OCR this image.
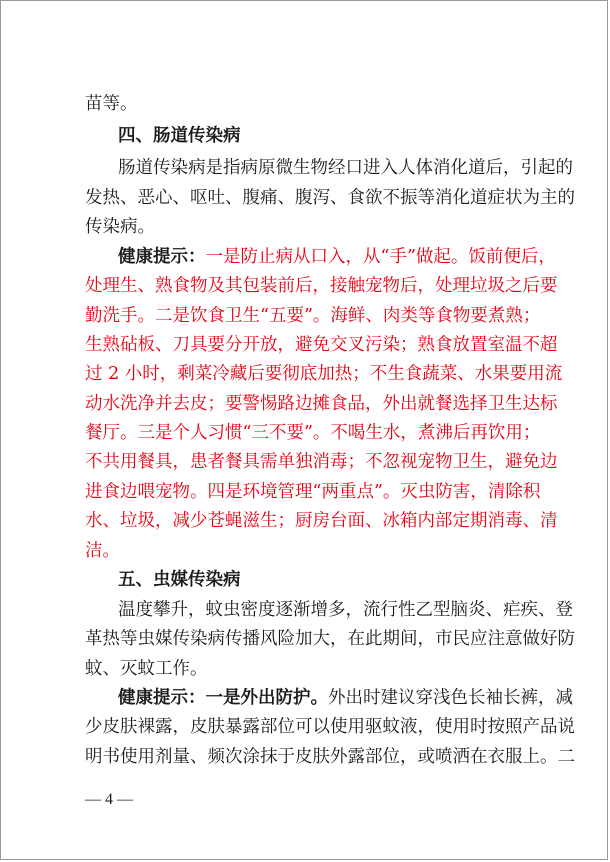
苗等。
四、肠道传染病
肠 道 传 染 病 是 指 病 原 微 生 物 经 口 进 入 人 体 消 化 道 后 ， 引 起 的
发 热 、 恶 心 、 呕 吐 、 腹 痛 、 腹 泻 、 食 欲 不 振 等 消 化 道 症 状 为 主 的
传染病。
健康提示： 一 是 防 止 病 从 口 入 ， 从 “ 手 ” 做 起 。 饭 前 便 后 ，
处 理 生 、 熟 食 物 及 其 包 装 前 后 ， 接 触 宠 物 后 ， 处 理 垃 圾 之 后 要
勤 洗 手 。 二 是 饮 食 卫 生 “ 五 要 ” 。 海 鲜 、 肉 类 等 食 物 要 煮 熟 ；
生 熟 砧 板 、 刀 具 要 分 开 放 ， 避 免 交 叉 污 染 ； 熟 食 放 置 室 温 不 超
过
2
小 时 ， 剩 菜 冷 藏 后 要 彻 底 加 热 ； 不 生 食 蔬 菜 、 水 果 要 用 流
动 水 洗 净 并 去 皮 ； 要 警 惕 路 边 摊 食 品 ， 外 出 就 餐 选 择 卫 生 达 标
餐 厅 。 三 是 个 人 习 惯 “ 三 不 要 ” 。 不 喝 生 水 ， 煮 沸 后 再 饮 用 ；
不 共 用 餐 具 ， 患 者 餐 具 需 单 独 消 毒 ； 不 忽 视 宠 物 卫 生 ， 避 免 边
进 食 边 喂 宠 物 。 四 是 环 境 管 理 “ 两 重 点 ” 。 灭 虫 防 害 ， 清 除 积
水 、 垃 圾 ， 减 少 苍 蝇 滋 生 ； 厨 房 台 面 、 冰 箱 内 部 定 期 消 毒 、 清
洁。
五、虫媒传染病
温 度 攀 升 ， 蚊 虫 密 度 逐 渐 增 多 ， 流 行 性 乙 型 脑 炎 、 疟 疾 、 登
革 热 等 虫 媒 传 染 病 传 播 风 险 加 大 ， 在 此 期 间 ， 市 民 应 注 意 做 好 防
蚊、灭蚊工作。
健康提示： 一是外出防护。 外 出 时 建 议 穿 浅 色 长 袖 长 裤 ， 减
少 皮 肤 裸 露 ， 皮 肤 暴 露 部 位 可 以 使 用 驱 蚊 液 ， 使 用 时 按 照 产 品 说
明 书 使 用 剂 量 、 频 次 涂 抹 于 皮 肤 外 露 部 位 ， 或 喷 洒 在 衣 服 上 。 二
— 4 —
